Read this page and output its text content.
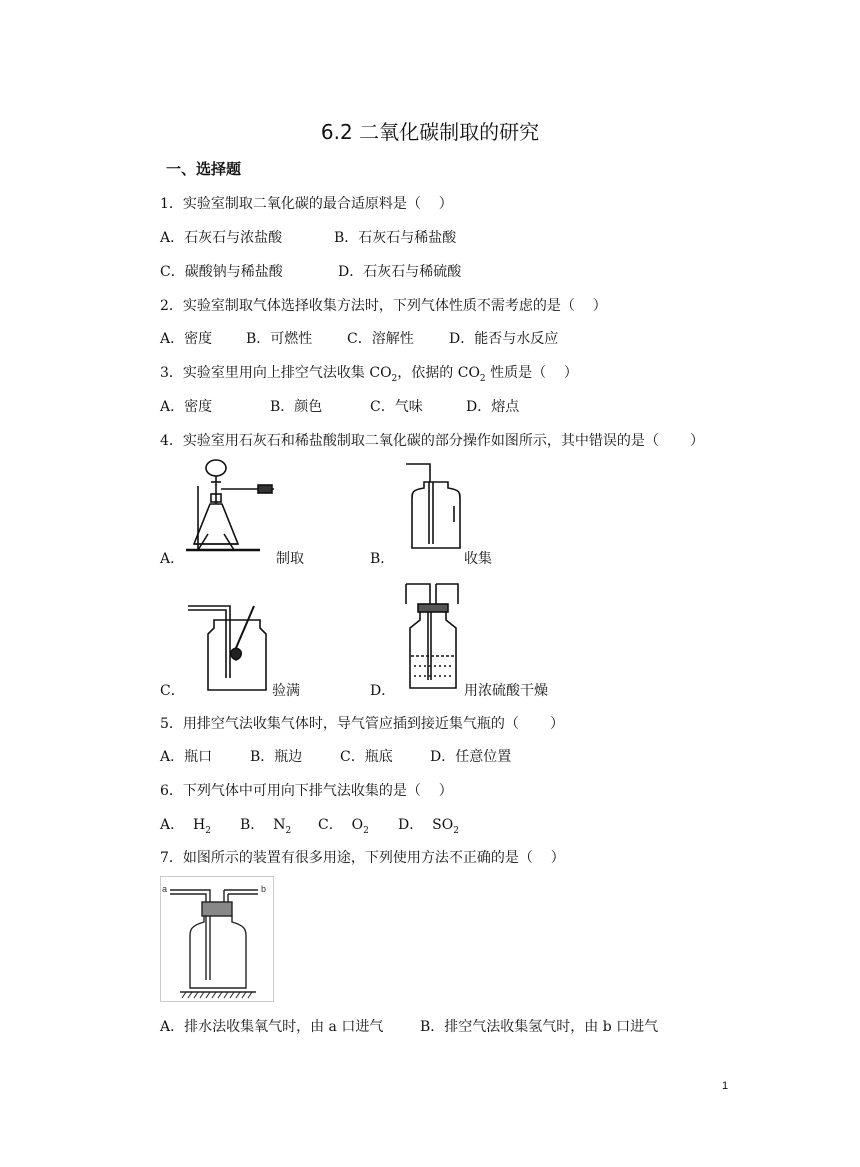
6.2 二氧化碳制取的研究
一、选择题
1．实验室制取二氧化碳的最合适原料是（    ）
A．石灰石与浓盐酸	B．石灰石与稀盐酸
C．碳酸钠与稀盐酸	D．石灰石与稀硫酸
2．实验室制取气体选择收集方法时，下列气体性质不需考虑的是（    ）
A．密度 B．可燃性 C．溶解性	D．能否与水反应
3．实验室里用向上排空气法收集 $CO_2$，依据的 $CO_2$ 性质是（    ）
A．密度	B．颜色	C．气味	D．熔点
4．实验室用石灰石和稀盐酸制取二氧化碳的部分操作如图所示，其中错误的是（       ）
A．	制取	B．	收集
C．	验满	D．	用浓硫酸干燥
5．用排空气法收集气体时，导气管应插到接近集气瓶的（       ）
A．瓶口	B．瓶边	C．瓶底	D．任意位置
6．下列气体中可用向下排气法收集的是（    ）
A．  $H_2$ B．  $N_2$ C．  $O_2$ D．  $SO_2$
7．如图所示的装置有很多用途，下列使用方法不正确的是（    ）
a	b
A．排水法收集氧气时，由 a 口进气	B．排空气法收集氢气时，由 b 口进气
1
